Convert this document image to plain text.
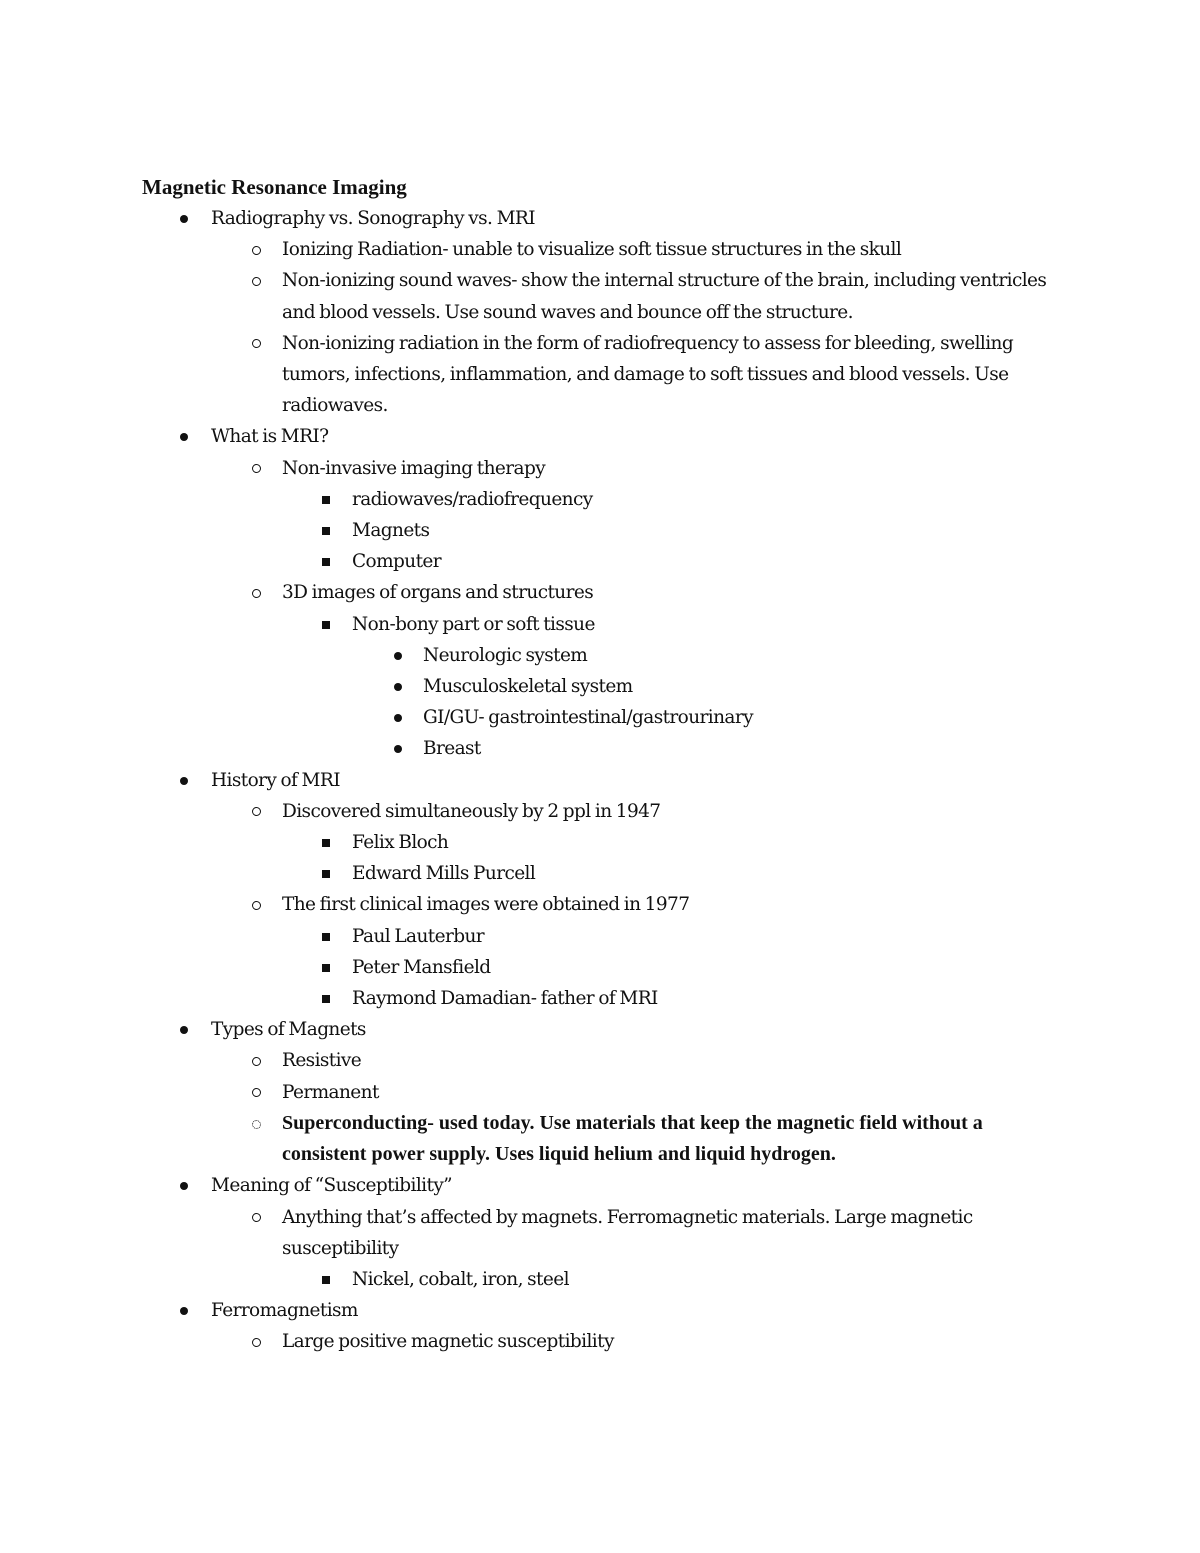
Magnetic Resonance Imaging
Radiography vs. Sonography vs. MRI
Ionizing Radiation- unable to visualize soft tissue structures in the skull
Non-ionizing sound waves- show the internal structure of the brain, including ventricles and blood vessels. Use sound waves and bounce off the structure.
Non-ionizing radiation in the form of radiofrequency to assess for bleeding, swelling tumors, infections, inflammation, and damage to soft tissues and blood vessels. Use radiowaves.
What is MRI?
Non-invasive imaging therapy
radiowaves/radiofrequency
Magnets
Computer
3D images of organs and structures
Non-bony part or soft tissue
Neurologic system
Musculoskeletal system
GI/GU- gastrointestinal/gastrourinary
Breast
History of MRI
Discovered simultaneously by 2 ppl in 1947
Felix Bloch
Edward Mills Purcell
The first clinical images were obtained in 1977
Paul Lauterbur
Peter Mansfield
Raymond Damadian- father of MRI
Types of Magnets
Resistive
Permanent
Superconducting- used today. Use materials that keep the magnetic field without a consistent power supply. Uses liquid helium and liquid hydrogen.
Meaning of “Susceptibility”
Anything that’s affected by magnets. Ferromagnetic materials. Large magnetic susceptibility
Nickel, cobalt, iron, steel
Ferromagnetism
Large positive magnetic susceptibility
